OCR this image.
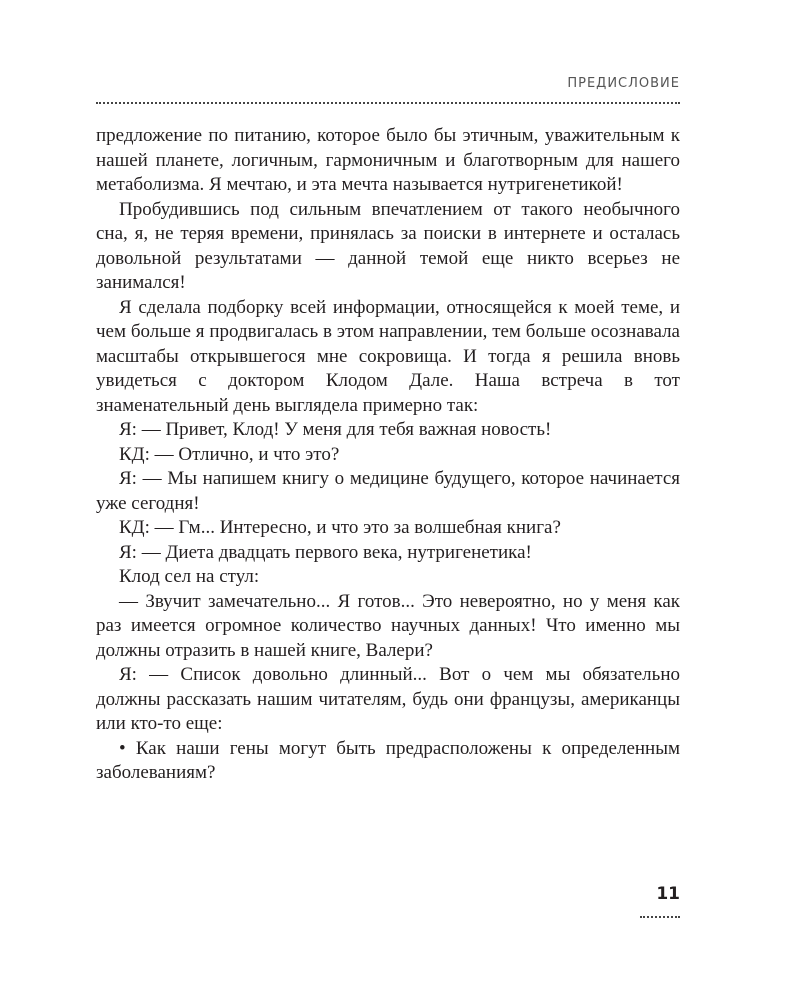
ПРЕДИСЛОВИЕ

предложение по питанию, которое было бы этичным, уважительным к нашей планете, логичным, гармоничным и благотворным для нашего метаболизма. Я мечтаю, и эта мечта называется нутригенетикой!

Пробудившись под сильным впечатлением от такого необычного сна, я, не теряя времени, принялась за поиски в интернете и осталась довольной результатами — данной темой еще никто всерьез не занимался!

Я сделала подборку всей информации, относящейся к моей теме, и чем больше я продвигалась в этом направлении, тем больше осознавала масштабы открывшегося мне сокровища. И тогда я решила вновь увидеться с доктором Клодом Дале. Наша встреча в тот знаменательный день выглядела примерно так:

Я: — Привет, Клод! У меня для тебя важная новость!

КД: — Отлично, и что это?

Я: — Мы напишем книгу о медицине будущего, которое начинается уже сегодня!

КД: — Гм... Интересно, и что это за волшебная книга?

Я: — Диета двадцать первого века, нутригенетика!

Клод сел на стул:

— Звучит замечательно... Я готов... Это невероятно, но у меня как раз имеется огромное количество научных данных! Что именно мы должны отразить в нашей книге, Валери?

Я: — Список довольно длинный... Вот о чем мы обязательно должны рассказать нашим читателям, будь они французы, американцы или кто-то еще:

• Как наши гены могут быть предрасположены к определенным заболеваниям?

11
